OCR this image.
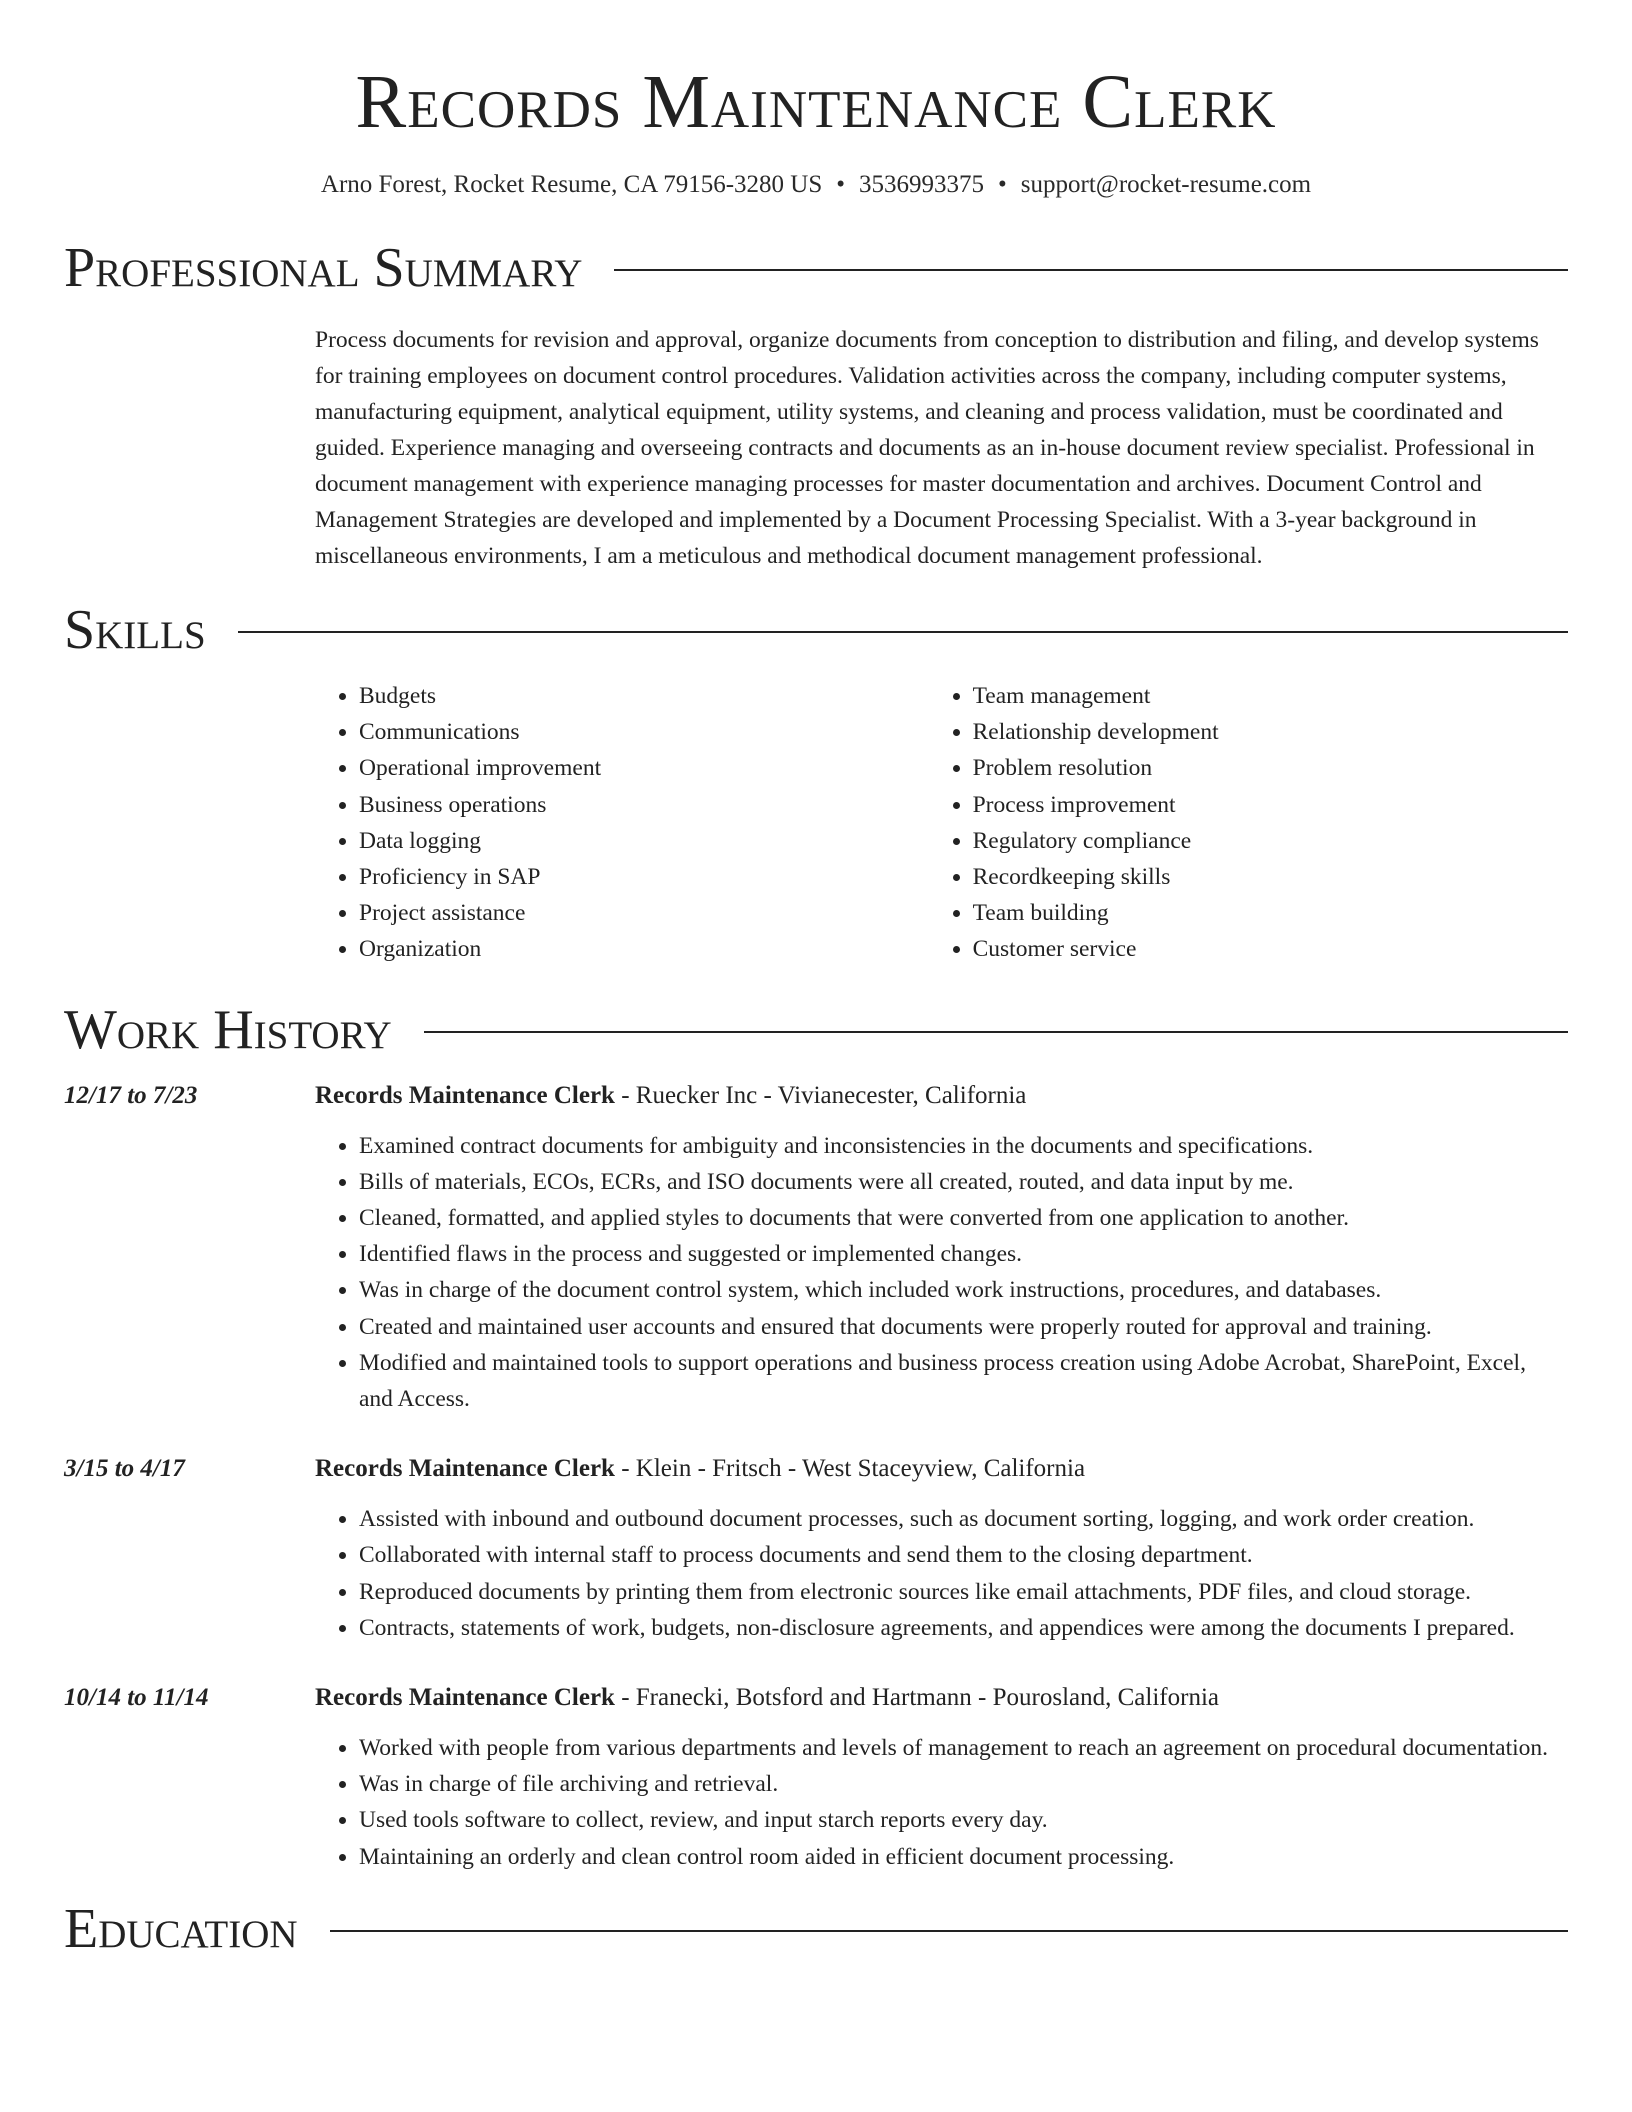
Records Maintenance Clerk
Arno Forest, Rocket Resume, CA 79156-3280 US • 3536993375 • support@rocket-resume.com
Professional Summary
Process documents for revision and approval, organize documents from conception to distribution and filing, and develop systems for training employees on document control procedures. Validation activities across the company, including computer systems, manufacturing equipment, analytical equipment, utility systems, and cleaning and process validation, must be coordinated and guided. Experience managing and overseeing contracts and documents as an in-house document review specialist. Professional in document management with experience managing processes for master documentation and archives. Document Control and Management Strategies are developed and implemented by a Document Processing Specialist. With a 3-year background in miscellaneous environments, I am a meticulous and methodical document management professional.
Skills
• Budgets
• Communications
• Operational improvement
• Business operations
• Data logging
• Proficiency in SAP
• Project assistance
• Organization
• Team management
• Relationship development
• Problem resolution
• Process improvement
• Regulatory compliance
• Recordkeeping skills
• Team building
• Customer service
Work History
12/17 to 7/23	Records Maintenance Clerk - Ruecker Inc - Vivianecester, California
• Examined contract documents for ambiguity and inconsistencies in the documents and specifications.
• Bills of materials, ECOs, ECRs, and ISO documents were all created, routed, and data input by me.
• Cleaned, formatted, and applied styles to documents that were converted from one application to another.
• Identified flaws in the process and suggested or implemented changes.
• Was in charge of the document control system, which included work instructions, procedures, and databases.
• Created and maintained user accounts and ensured that documents were properly routed for approval and training.
• Modified and maintained tools to support operations and business process creation using Adobe Acrobat, SharePoint, Excel, and Access.
3/15 to 4/17	Records Maintenance Clerk - Klein - Fritsch - West Staceyview, California
• Assisted with inbound and outbound document processes, such as document sorting, logging, and work order creation.
• Collaborated with internal staff to process documents and send them to the closing department.
• Reproduced documents by printing them from electronic sources like email attachments, PDF files, and cloud storage.
• Contracts, statements of work, budgets, non-disclosure agreements, and appendices were among the documents I prepared.
10/14 to 11/14	Records Maintenance Clerk - Franecki, Botsford and Hartmann - Pourosland, California
• Worked with people from various departments and levels of management to reach an agreement on procedural documentation.
• Was in charge of file archiving and retrieval.
• Used tools software to collect, review, and input starch reports every day.
• Maintaining an orderly and clean control room aided in efficient document processing.
Education
